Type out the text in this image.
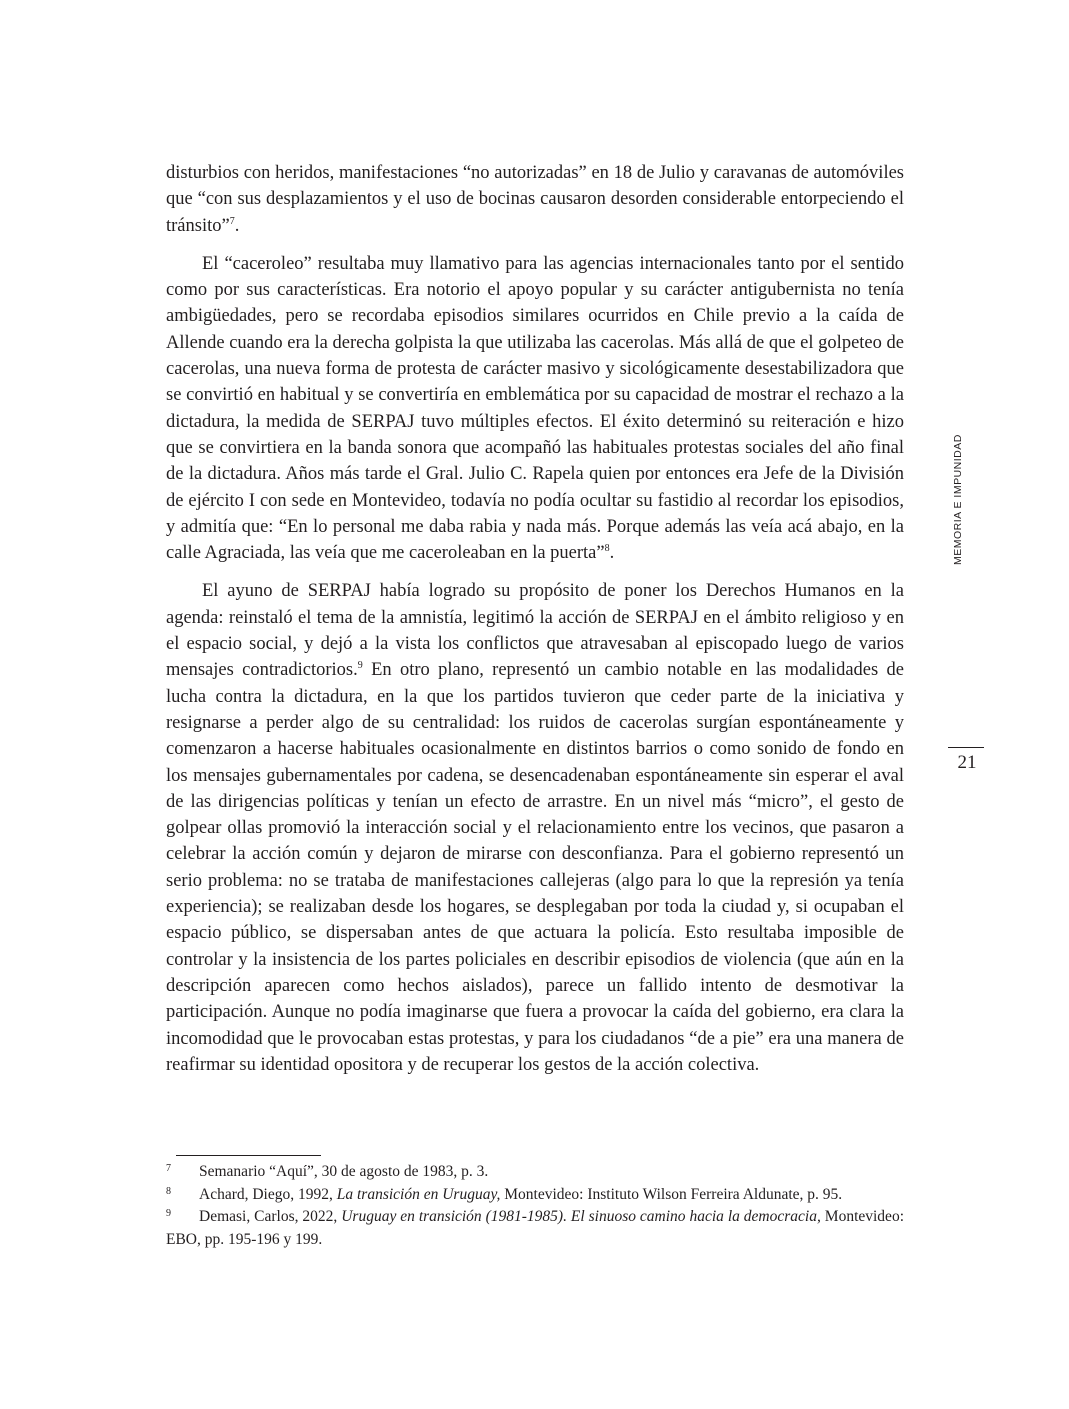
disturbios con heridos, manifestaciones “no autorizadas” en 18 de Julio y caravanas de automóviles que “con sus desplazamientos y el uso de bocinas causaron desorden considerable entorpeciendo el tránsito”$^7$.

El “caceroleo” resultaba muy llamativo para las agencias internacionales tanto por el sentido como por sus características. Era notorio el apoyo popular y su carácter antigubernista no tenía ambigüedades, pero se recordaba episodios similares ocurridos en Chile previo a la caída de Allende cuando era la derecha golpista la que utilizaba las cacerolas. Más allá de que el golpeteo de cacerolas, una nueva forma de protesta de carácter masivo y sicológicamente desestabilizadora que se convirtió en habitual y se convertiría en emblemática por su capacidad de mostrar el rechazo a la dictadura, la medida de SERPAJ tuvo múltiples efectos. El éxito determinó su reiteración e hizo que se convirtiera en la banda sonora que acompañó las habituales protestas sociales del año final de la dictadura. Años más tarde el Gral. Julio C. Rapela quien por entonces era Jefe de la División de ejército I con sede en Montevideo, todavía no podía ocultar su fastidio al recordar los episodios, y admitía que: “En lo personal me daba rabia y nada más. Porque además las veía acá abajo, en la calle Agraciada, las veía que me caceroleaban en la puerta”$^8$.

El ayuno de SERPAJ había logrado su propósito de poner los Derechos Humanos en la agenda: reinstaló el tema de la amnistía, legitimó la acción de SERPAJ en el ámbito religioso y en el espacio social, y dejó a la vista los conflictos que atravesaban al episcopado luego de varios mensajes contradictorios.$^9$ En otro plano, representó un cambio notable en las modalidades de lucha contra la dictadura, en la que los partidos tuvieron que ceder parte de la iniciativa y resignarse a perder algo de su centralidad: los ruidos de cacerolas surgían espontáneamente y comenzaron a hacerse habituales ocasionalmente en distintos barrios o como sonido de fondo en los mensajes gubernamentales por cadena, se desencadenaban espontáneamente sin esperar el aval de las dirigencias políticas y tenían un efecto de arrastre. En un nivel más “micro”, el gesto de golpear ollas promovió la interacción social y el relacionamiento entre los vecinos, que pasaron a celebrar la acción común y dejaron de mirarse con desconfianza. Para el gobierno representó un serio problema: no se trataba de manifestaciones callejeras (algo para lo que la represión ya tenía experiencia); se realizaban desde los hogares, se desplegaban por toda la ciudad y, si ocupaban el espacio público, se dispersaban antes de que actuara la policía. Esto resultaba imposible de controlar y la insistencia de los partes policiales en describir episodios de violencia (que aún en la descripción aparecen como hechos aislados), parece un fallido intento de desmotivar la participación. Aunque no podía imaginarse que fuera a provocar la caída del gobierno, era clara la incomodidad que le provocaban estas protestas, y para los ciudadanos “de a pie” era una manera de reafirmar su identidad opositora y de recuperar los gestos de la acción colectiva.

7 Semanario “Aquí”, 30 de agosto de 1983, p. 3.

8 Achard, Diego, 1992, La transición en Uruguay, Montevideo: Instituto Wilson Ferreira Aldunate, p. 95.

9 Demasi, Carlos, 2022, Uruguay en transición (1981-1985). El sinuoso camino hacia la democracia, Montevideo: EBO, pp. 195-196 y 199.

MEMORIA E IMPUNIDAD
21
